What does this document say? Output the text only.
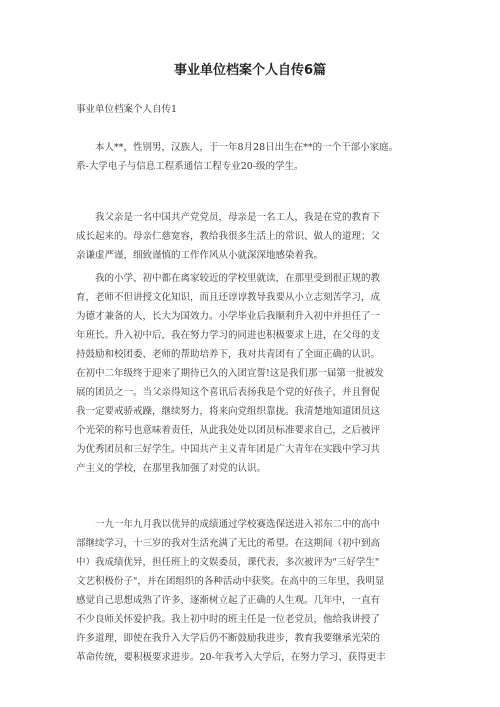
事业单位档案个人自传6篇
事业单位档案个人自传1
本人**，性别男，汉族人，于一年8月28日出生在**的一个干部小家庭。
系-大学电子与信息工程系通信工程专业20-级的学生。
我父亲是一名中国共产党党员，母亲是一名工人，我是在党的教育下
成长起来的。母亲仁慈宽容，教给我很多生活上的常识、做人的道理；父
亲谦虚严谨，细致谨慎的工作作风从小就深深地感染着我。
我的小学、初中都在离家较近的学校里就读，在那里受到很正规的教
育，老师不但讲授文化知识，而且还谆谆教导我要从小立志刻苦学习，成
为德才兼备的人，长大为国效力。小学毕业后我顺利升入初中并担任了一
年班长。升入初中后，我在努力学习的同进也积极要求上进，在父母的支
持鼓励和校团委、老师的帮助培养下，我对共青团有了全面正确的认识。
在初中二年级终于迎来了期待已久的入团宣誓!这是我们那一届第一批被发
展的团员之一。当父亲得知这个喜讯后表扬我是个党的好孩子，并且督促
我一定要戒骄戒躁，继续努力，将来向党组织靠拢。我清楚地知道团员这
个光荣的称号也意味着责任，从此我处处以团员标准要求自己，之后被评
为优秀团员和三好学生。中国共产主义青年团是广大青年在实践中学习共
产主义的学校，在那里我加强了对党的认识。
一九一年九月我以优异的成绩通过学校赛选保送进入祁东二中的高中
部继续学习，十三岁的我对生活充满了无比的希望。在这期间（初中到高
中）我成绩优异，担任班上的文娱委员，课代表，多次被评为"三好学生"
文艺积极份子"，并在团组织的各种活动中获奖。在高中的三年里，我明显
感觉自己思想成熟了许多，逐渐树立起了正确的人生观。几年中，一直有
不少良师关怀爱护我。我上初中时的班主任是一位老党员，他给我讲授了
许多道理，即使在我升入大学后仍不断鼓励我进步，教育我要继承光荣的
革命传统，要积极要求进步。20-年我考入大学后，在努力学习、获得更丰
